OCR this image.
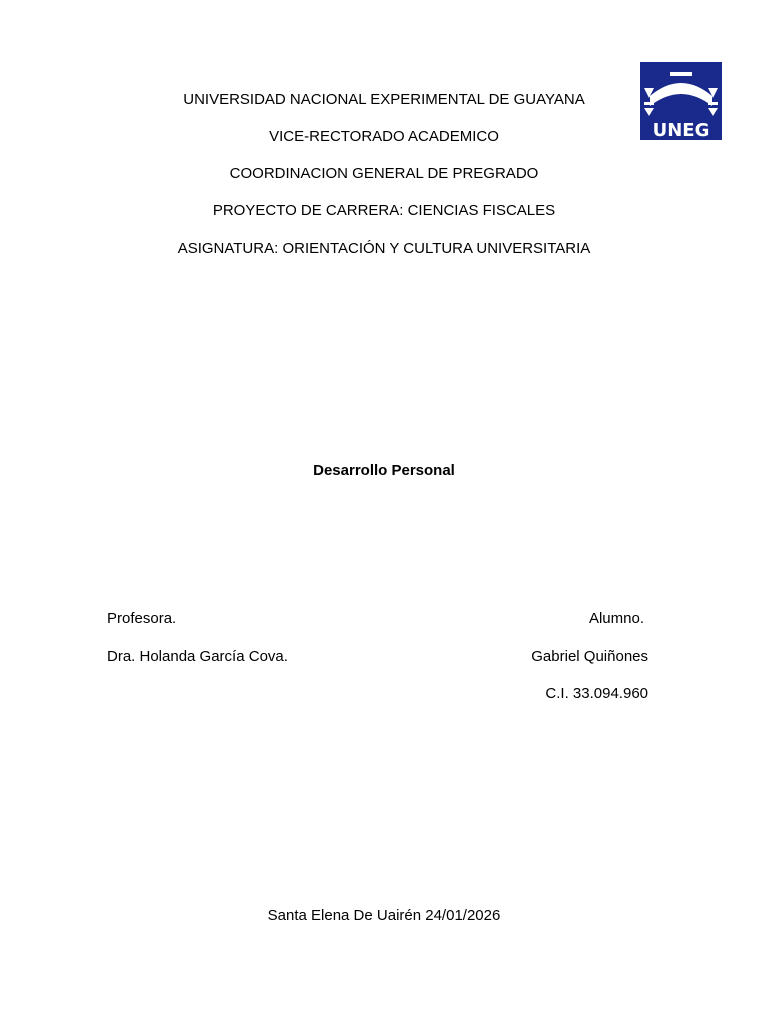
UNIVERSIDAD NACIONAL EXPERIMENTAL DE GUAYANA
VICE-RECTORADO ACADEMICO
COORDINACION GENERAL DE PREGRADO
PROYECTO DE CARRERA: CIENCIAS FISCALES
ASIGNATURA: ORIENTACIÓN Y CULTURA UNIVERSITARIA
UNEG
Desarrollo Personal
Profesora.
Dra. Holanda García Cova.
Alumno.
Gabriel Quiñones
C.I. 33.094.960
Santa Elena De Uairén 24/01/2026
